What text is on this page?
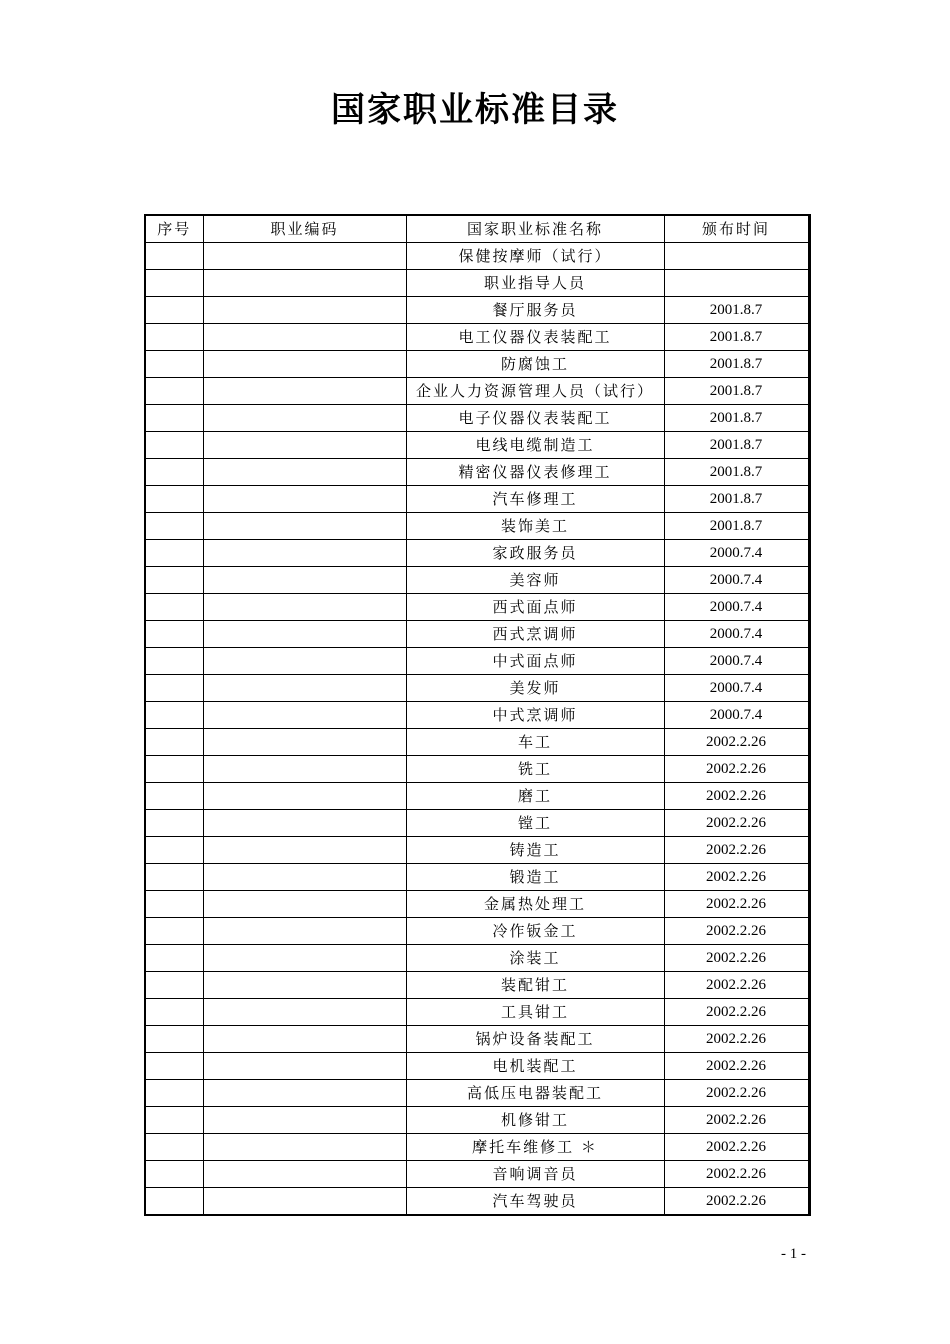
国家职业标准目录
序号	职业编码	国家职业标准名称	颁布时间
		保健按摩师（试行）	
		职业指导人员	
		餐厅服务员	2001.8.7
		电工仪器仪表装配工	2001.8.7
		防腐蚀工	2001.8.7
		企业人力资源管理人员（试行）	2001.8.7
		电子仪器仪表装配工	2001.8.7
		电线电缆制造工	2001.8.7
		精密仪器仪表修理工	2001.8.7
		汽车修理工	2001.8.7
		装饰美工	2001.8.7
		家政服务员	2000.7.4
		美容师	2000.7.4
		西式面点师	2000.7.4
		西式烹调师	2000.7.4
		中式面点师	2000.7.4
		美发师	2000.7.4
		中式烹调师	2000.7.4
		车工	2002.2.26
		铣工	2002.2.26
		磨工	2002.2.26
		镗工	2002.2.26
		铸造工	2002.2.26
		锻造工	2002.2.26
		金属热处理工	2002.2.26
		冷作钣金工	2002.2.26
		涂装工	2002.2.26
		装配钳工	2002.2.26
		工具钳工	2002.2.26
		锅炉设备装配工	2002.2.26
		电机装配工	2002.2.26
		高低压电器装配工	2002.2.26
		机修钳工	2002.2.26
		摩托车维修工 ＊	2002.2.26
		音响调音员	2002.2.26
		汽车驾驶员	2002.2.26
- 1 -
